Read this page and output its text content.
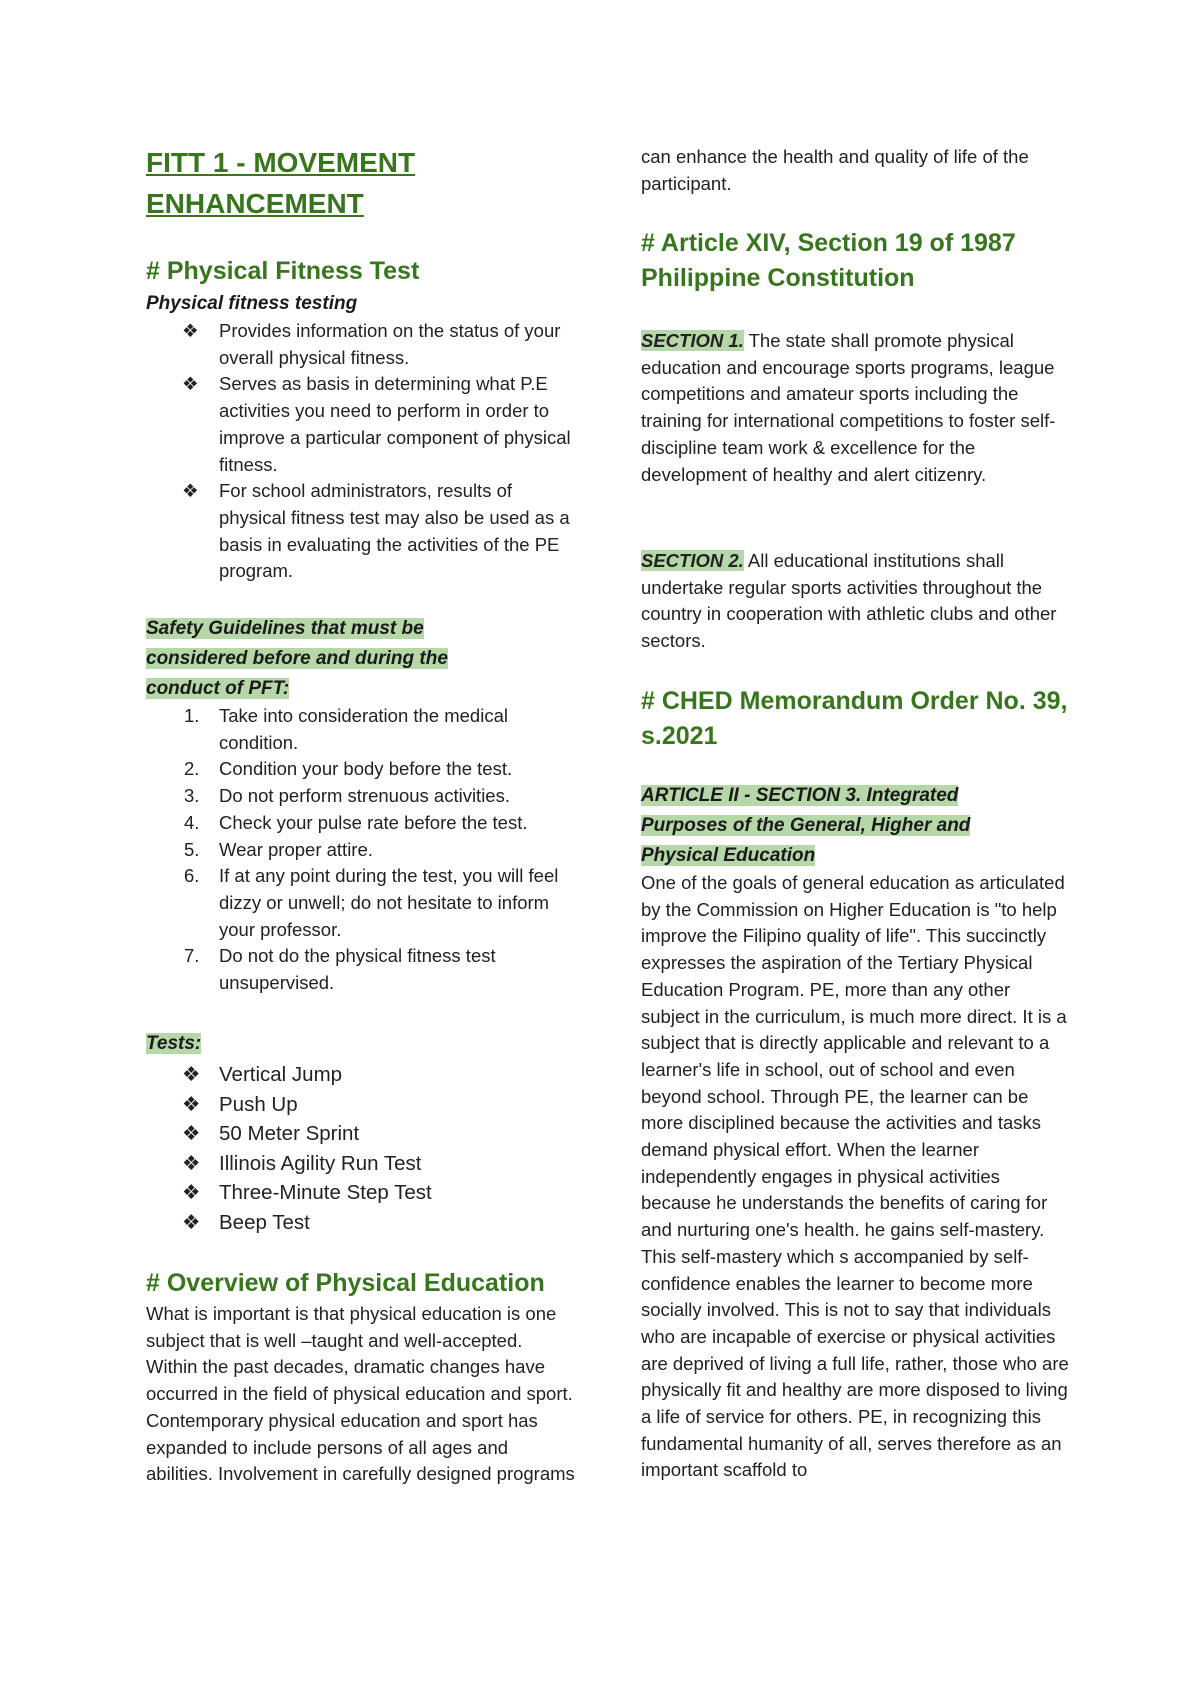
FITT 1 - MOVEMENT ENHANCEMENT
# Physical Fitness Test
Physical fitness testing
❖ Provides information on the status of your overall physical fitness.
❖ Serves as basis in determining what P.E activities you need to perform in order to improve a particular component of physical fitness.
❖ For school administrators, results of physical fitness test may also be used as a basis in evaluating the activities of the PE program.
Safety Guidelines that must be considered before and during the conduct of PFT:
1. Take into consideration the medical condition.
2. Condition your body before the test.
3. Do not perform strenuous activities.
4. Check your pulse rate before the test.
5. Wear proper attire.
6. If at any point during the test, you will feel dizzy or unwell; do not hesitate to inform your professor.
7. Do not do the physical fitness test unsupervised.
Tests:
❖ Vertical Jump
❖ Push Up
❖ 50 Meter Sprint
❖ Illinois Agility Run Test
❖ Three-Minute Step Test
❖ Beep Test
# Overview of Physical Education

What is important is that physical education is one subject that is well –taught and well-accepted. Within the past decades, dramatic changes have occurred in the field of physical education and sport. Contemporary physical education and sport has expanded to include persons of all ages and abilities. Involvement in carefully designed programs

can enhance the health and quality of life of the participant.

# Article XIV, Section 19 of 1987 Philippine Constitution

SECTION 1. The state shall promote physical education and encourage sports programs, league competitions and amateur sports including the training for international competitions to foster self-discipline team work & excellence for the development of healthy and alert citizenry.

SECTION 2. All educational institutions shall undertake regular sports activities throughout the country in cooperation with athletic clubs and other sectors.

# CHED Memorandum Order No. 39, s.2021
ARTICLE II - SECTION 3. Integrated Purposes of the General, Higher and Physical Education

One of the goals of general education as articulated by the Commission on Higher Education is "to help improve the Filipino quality of life". This succinctly expresses the aspiration of the Tertiary Physical Education Program. PE, more than any other subject in the curriculum, is much more direct. It is a subject that is directly applicable and relevant to a learner's life in school, out of school and even beyond school. Through PE, the learner can be more disciplined because the activities and tasks demand physical effort. When the learner independently engages in physical activities because he understands the benefits of caring for and nurturing one's health. he gains self-mastery. This self-mastery which s accompanied by self-confidence enables the learner to become more socially involved. This is not to say that individuals who are incapable of exercise or physical activities are deprived of living a full life, rather, those who are physically fit and healthy are more disposed to living a life of service for others. PE, in recognizing this fundamental humanity of all, serves therefore as an important scaffold to
